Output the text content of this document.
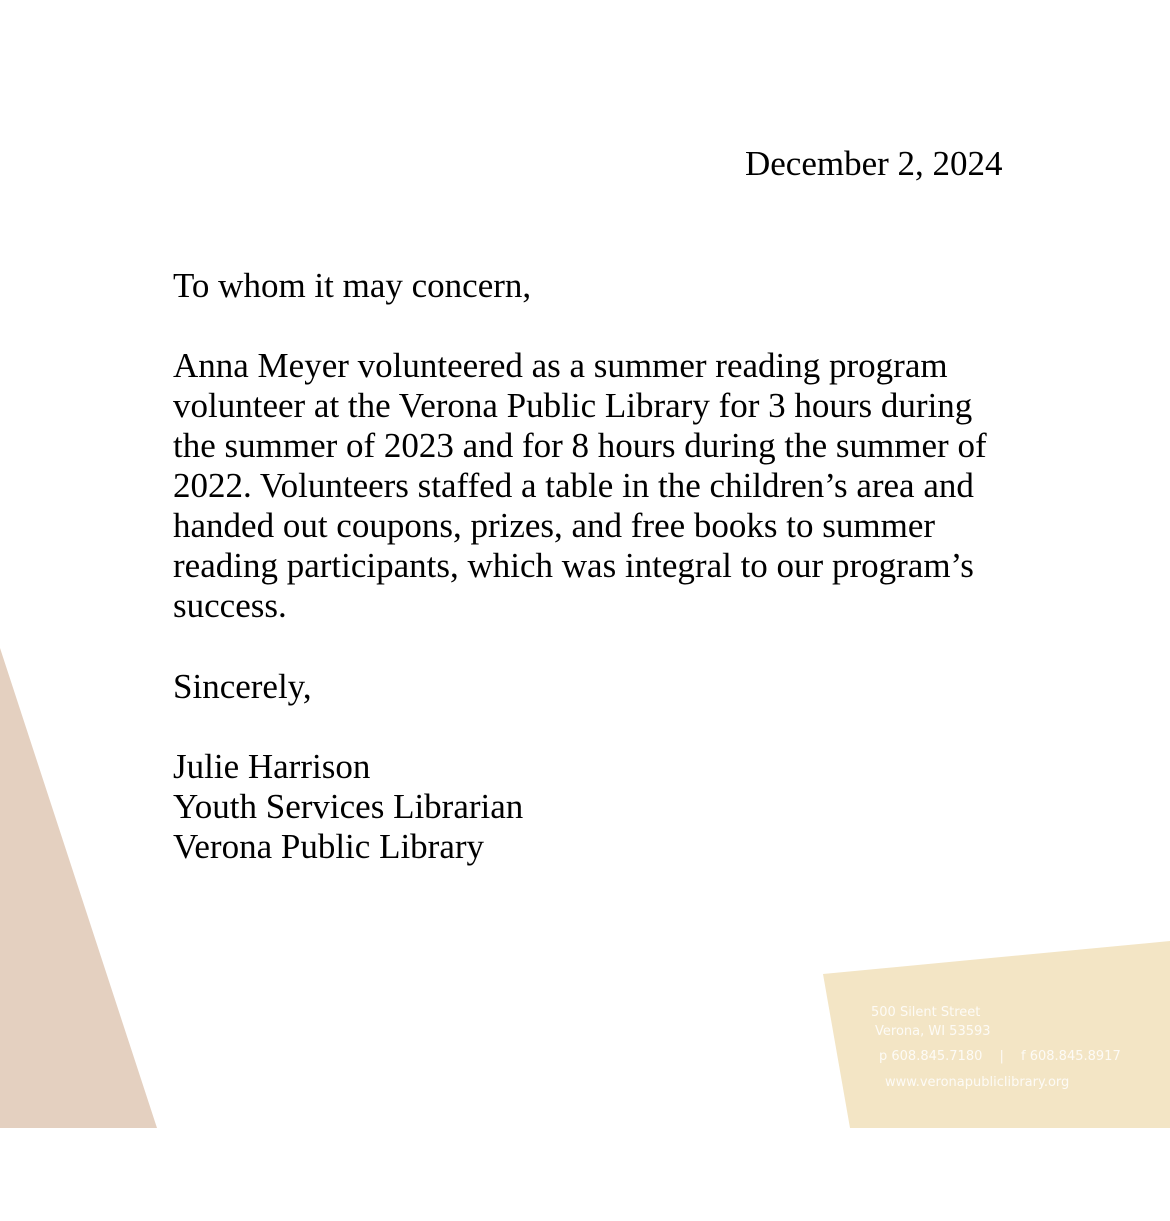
December 2, 2024
To whom it may concern,
Anna Meyer volunteered as a summer reading program
volunteer at the Verona Public Library for 3 hours during
the summer of 2023 and for 8 hours during the summer of
2022. Volunteers staffed a table in the children’s area and
handed out coupons, prizes, and free books to summer
reading participants, which was integral to our program’s
success.
Sincerely,
Julie Harrison
Youth Services Librarian
Verona Public Library
500 Silent Street
Verona, WI 53593
p 608.845.7180 | f 608.845.8917
www.veronapubliclibrary.org
